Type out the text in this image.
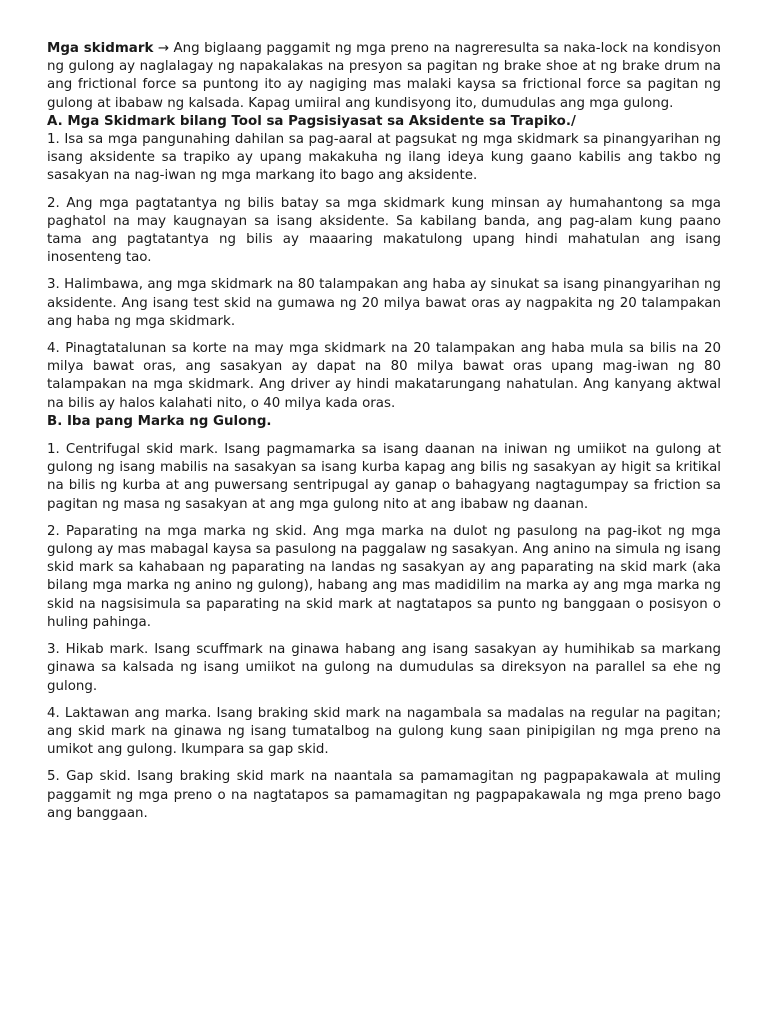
Mga skidmark → Ang biglaang paggamit ng mga preno na nagreresulta sa naka-lock na kondisyon ng gulong ay naglalagay ng napakalakas na presyon sa pagitan ng brake shoe at ng brake drum na ang frictional force sa puntong ito ay nagiging mas malaki kaysa sa frictional force sa pagitan ng gulong at ibabaw ng kalsada. Kapag umiiral ang kundisyong ito, dumudulas ang mga gulong.

A. Mga Skidmark bilang Tool sa Pagsisiyasat sa Aksidente sa Trapiko./

1. Isa sa mga pangunahing dahilan sa pag-aaral at pagsukat ng mga skidmark sa pinangyarihan ng isang aksidente sa trapiko ay upang makakuha ng ilang ideya kung gaano kabilis ang takbo ng sasakyan na nag-iwan ng mga markang ito bago ang aksidente.

2. Ang mga pagtatantya ng bilis batay sa mga skidmark kung minsan ay humahantong sa mga paghatol na may kaugnayan sa isang aksidente. Sa kabilang banda, ang pag-alam kung paano tama ang pagtatantya ng bilis ay maaaring makatulong upang hindi mahatulan ang isang inosenteng tao.

3. Halimbawa, ang mga skidmark na 80 talampakan ang haba ay sinukat sa isang pinangyarihan ng aksidente. Ang isang test skid na gumawa ng 20 milya bawat oras ay nagpakita ng 20 talampakan ang haba ng mga skidmark.

4. Pinagtatalunan sa korte na may mga skidmark na 20 talampakan ang haba mula sa bilis na 20 milya bawat oras, ang sasakyan ay dapat na 80 milya bawat oras upang mag-iwan ng 80 talampakan na mga skidmark. Ang driver ay hindi makatarungang nahatulan. Ang kanyang aktwal na bilis ay halos kalahati nito, o 40 milya kada oras.

B. Iba pang Marka ng Gulong.

1. Centrifugal skid mark. Isang pagmamarka sa isang daanan na iniwan ng umiikot na gulong at gulong ng isang mabilis na sasakyan sa isang kurba kapag ang bilis ng sasakyan ay higit sa kritikal na bilis ng kurba at ang puwersang sentripugal ay ganap o bahagyang nagtagumpay sa friction sa pagitan ng masa ng sasakyan at ang mga gulong nito at ang ibabaw ng daanan.

2. Paparating na mga marka ng skid. Ang mga marka na dulot ng pasulong na pag-ikot ng mga gulong ay mas mabagal kaysa sa pasulong na paggalaw ng sasakyan. Ang anino na simula ng isang skid mark sa kahabaan ng paparating na landas ng sasakyan ay ang paparating na skid mark (aka bilang mga marka ng anino ng gulong), habang ang mas madidilim na marka ay ang mga marka ng skid na nagsisimula sa paparating na skid mark at nagtatapos sa punto ng banggaan o posisyon o huling pahinga.

3. Hikab mark. Isang scuffmark na ginawa habang ang isang sasakyan ay humihikab sa markang ginawa sa kalsada ng isang umiikot na gulong na dumudulas sa direksyon na parallel sa ehe ng gulong.

4. Laktawan ang marka. Isang braking skid mark na nagambala sa madalas na regular na pagitan; ang skid mark na ginawa ng isang tumatalbog na gulong kung saan pinipigilan ng mga preno na umikot ang gulong. Ikumpara sa gap skid.

5. Gap skid. Isang braking skid mark na naantala sa pamamagitan ng pagpapakawala at muling paggamit ng mga preno o na nagtatapos sa pamamagitan ng pagpapakawala ng mga preno bago ang banggaan.
